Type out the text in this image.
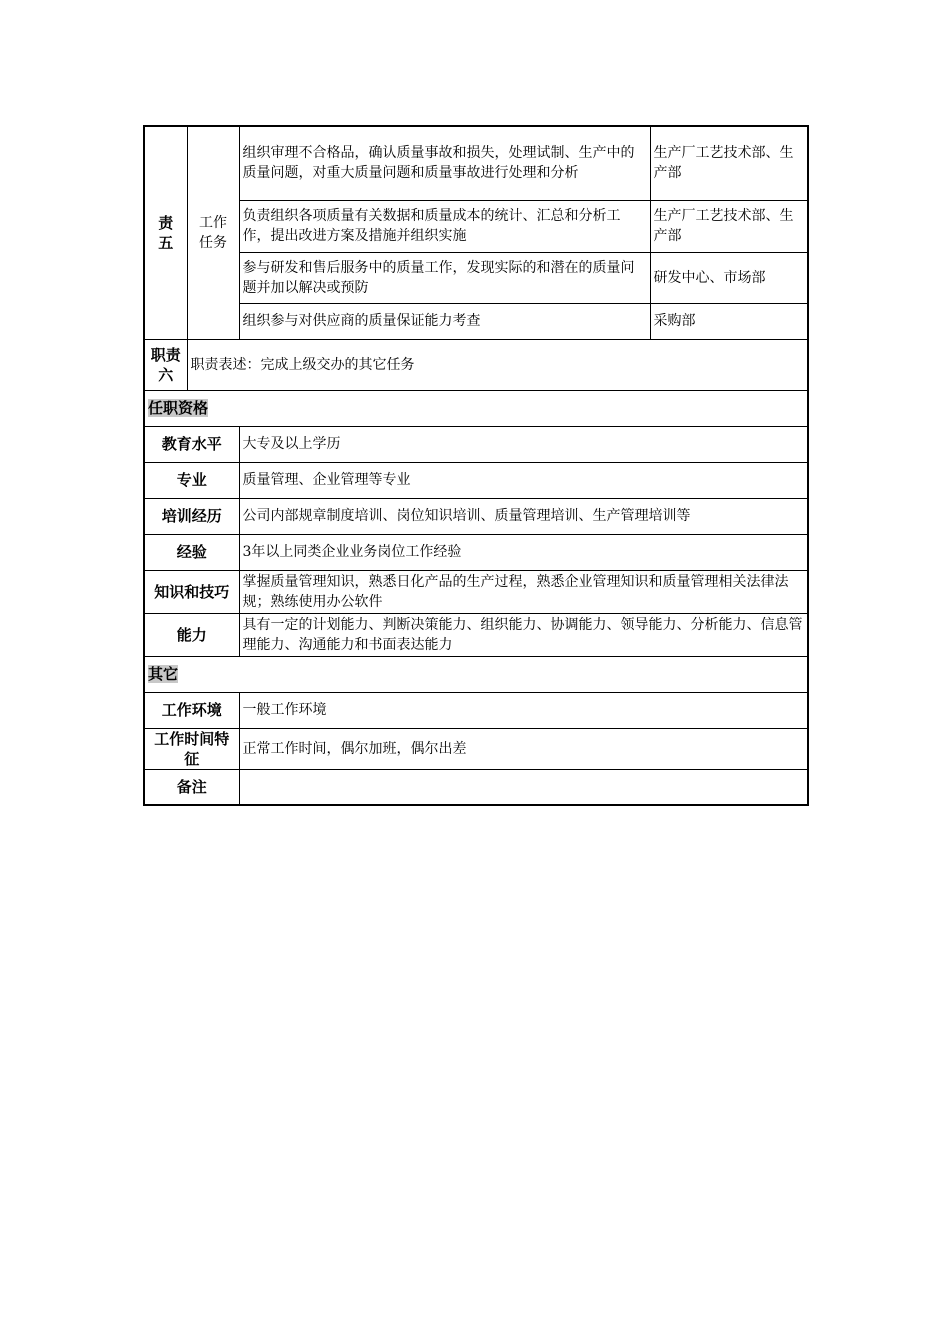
责五	工作任务	组织审理不合格品，确认质量事故和损失，处理试制、生产中的质量问题，对重大质量问题和质量事故进行处理和分析	生产厂工艺技术部、生产部
		负责组织各项质量有关数据和质量成本的统计、汇总和分析工作，提出改进方案及措施并组织实施	生产厂工艺技术部、生产部
		参与研发和售后服务中的质量工作，发现实际的和潜在的质量问题并加以解决或预防	研发中心、市场部
		组织参与对供应商的质量保证能力考查	采购部
职责六	职责表述：完成上级交办的其它任务		
任职资格			
教育水平		大专及以上学历	
专业		质量管理、企业管理等专业	
培训经历		公司内部规章制度培训、岗位知识培训、质量管理培训、生产管理培训等	
经验		3年以上同类企业业务岗位工作经验	
知识和技巧		掌握质量管理知识，熟悉日化产品的生产过程，熟悉企业管理知识和质量管理相关法律法规；熟练使用办公软件	
能力		具有一定的计划能力、判断决策能力、组织能力、协调能力、领导能力、分析能力、信息管理能力、沟通能力和书面表达能力	
其它			
工作环境		一般工作环境	
工作时间特征		正常工作时间，偶尔加班，偶尔出差	
备注			
